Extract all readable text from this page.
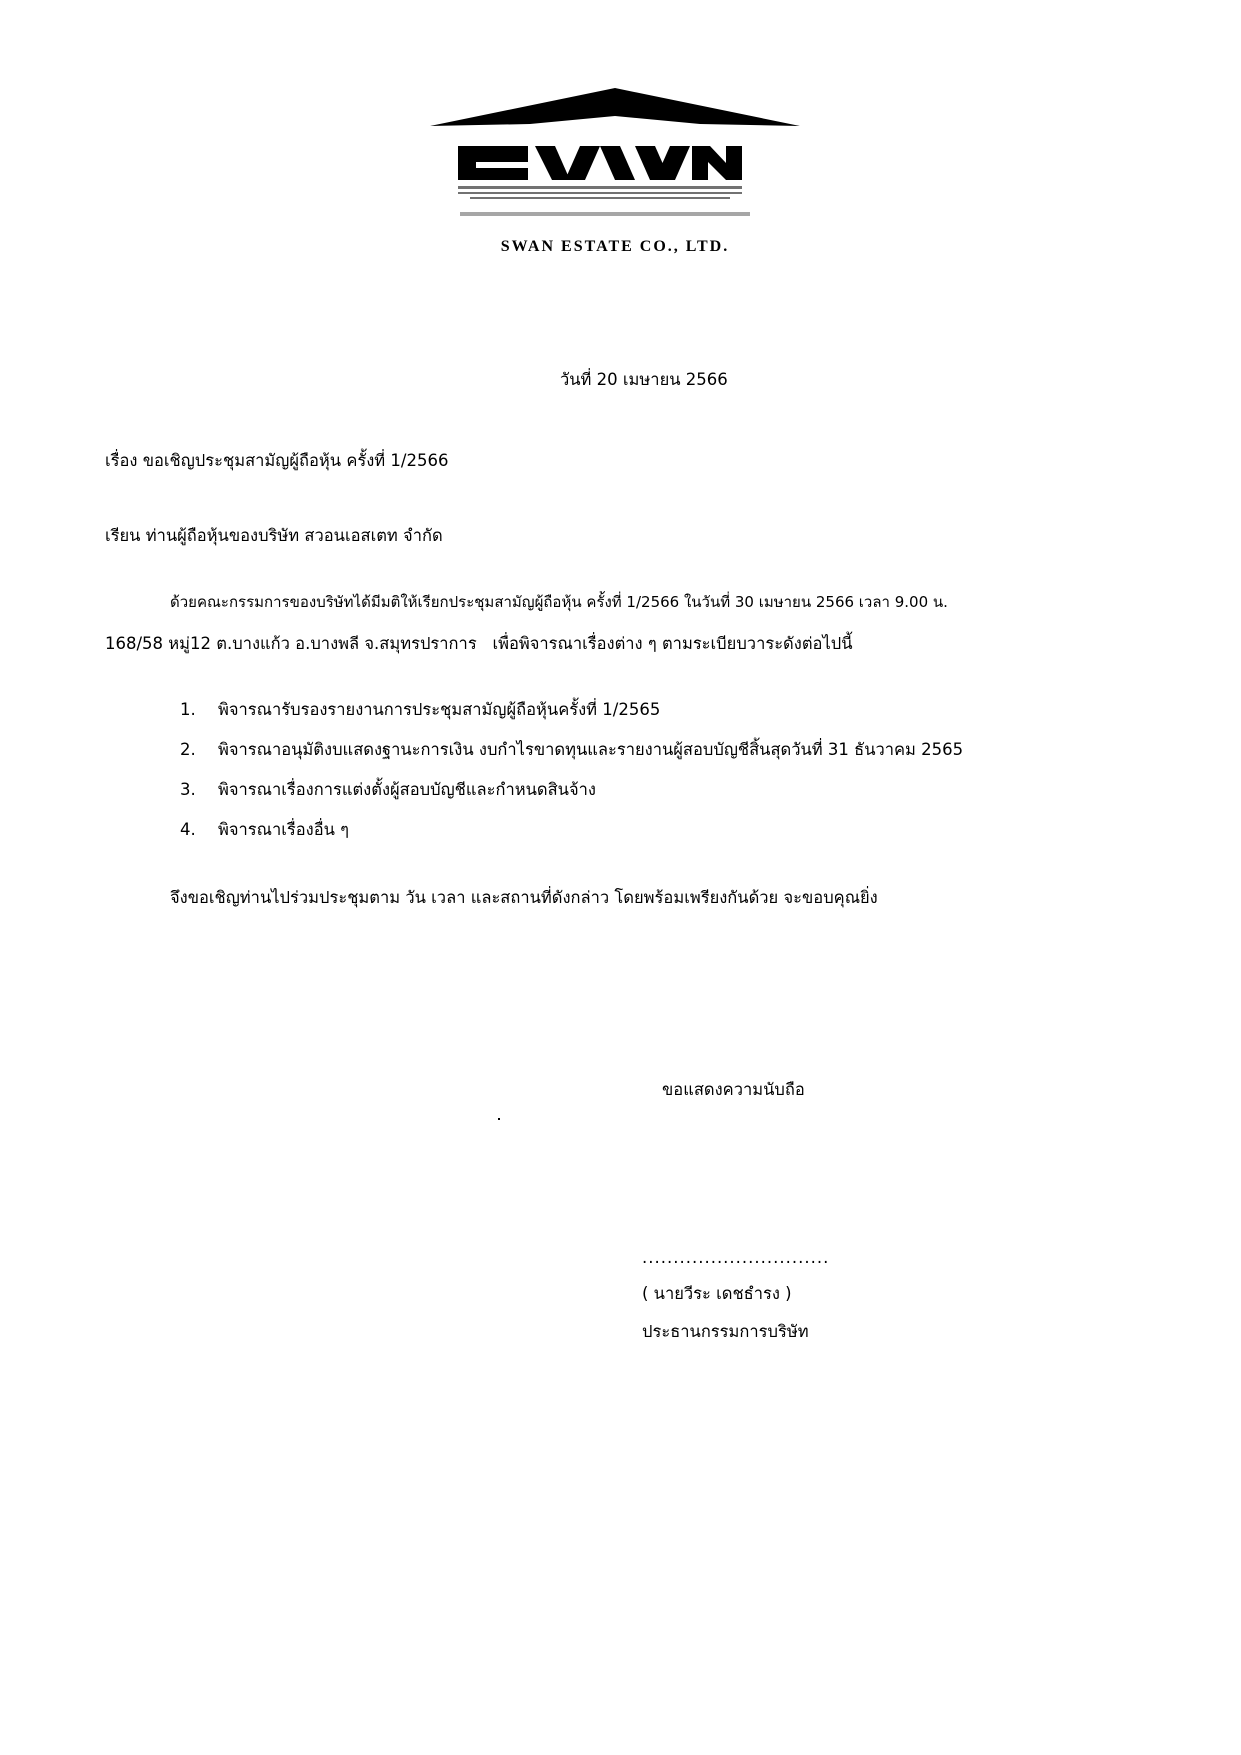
SWAN ESTATE CO., LTD.
วันที่ 20 เมษายน 2566
เรื่อง ขอเชิญประชุมสามัญผู้ถือหุ้น ครั้งที่ 1/2566
เรียน ท่านผู้ถือหุ้นของบริษัท สวอนเอสเตท จำกัด
ด้วยคณะกรรมการของบริษัทได้มีมติให้เรียกประชุมสามัญผู้ถือหุ้น ครั้งที่ 1/2566 ในวันที่ 30 เมษายน 2566 เวลา 9.00 น.
168/58 หมู่12 ต.บางแก้ว อ.บางพลี จ.สมุทรปราการ เพื่อพิจารณาเรื่องต่าง ๆ ตามระเบียบวาระดังต่อไปนี้
1. พิจารณารับรองรายงานการประชุมสามัญผู้ถือหุ้นครั้งที่ 1/2565
2. พิจารณาอนุมัติงบแสดงฐานะการเงิน งบกำไรขาดทุนและรายงานผู้สอบบัญชีสิ้นสุดวันที่ 31 ธันวาคม 2565
3. พิจารณาเรื่องการแต่งตั้งผู้สอบบัญชีและกำหนดสินจ้าง
4. พิจารณาเรื่องอื่น ๆ
จึงขอเชิญท่านไปร่วมประชุมตาม วัน เวลา และสถานที่ดังกล่าว โดยพร้อมเพรียงกันด้วย จะขอบคุณยิ่ง
ขอแสดงความนับถือ
..............................
( นายวีระ เดชธำรง )
ประธานกรรมการบริษัท
